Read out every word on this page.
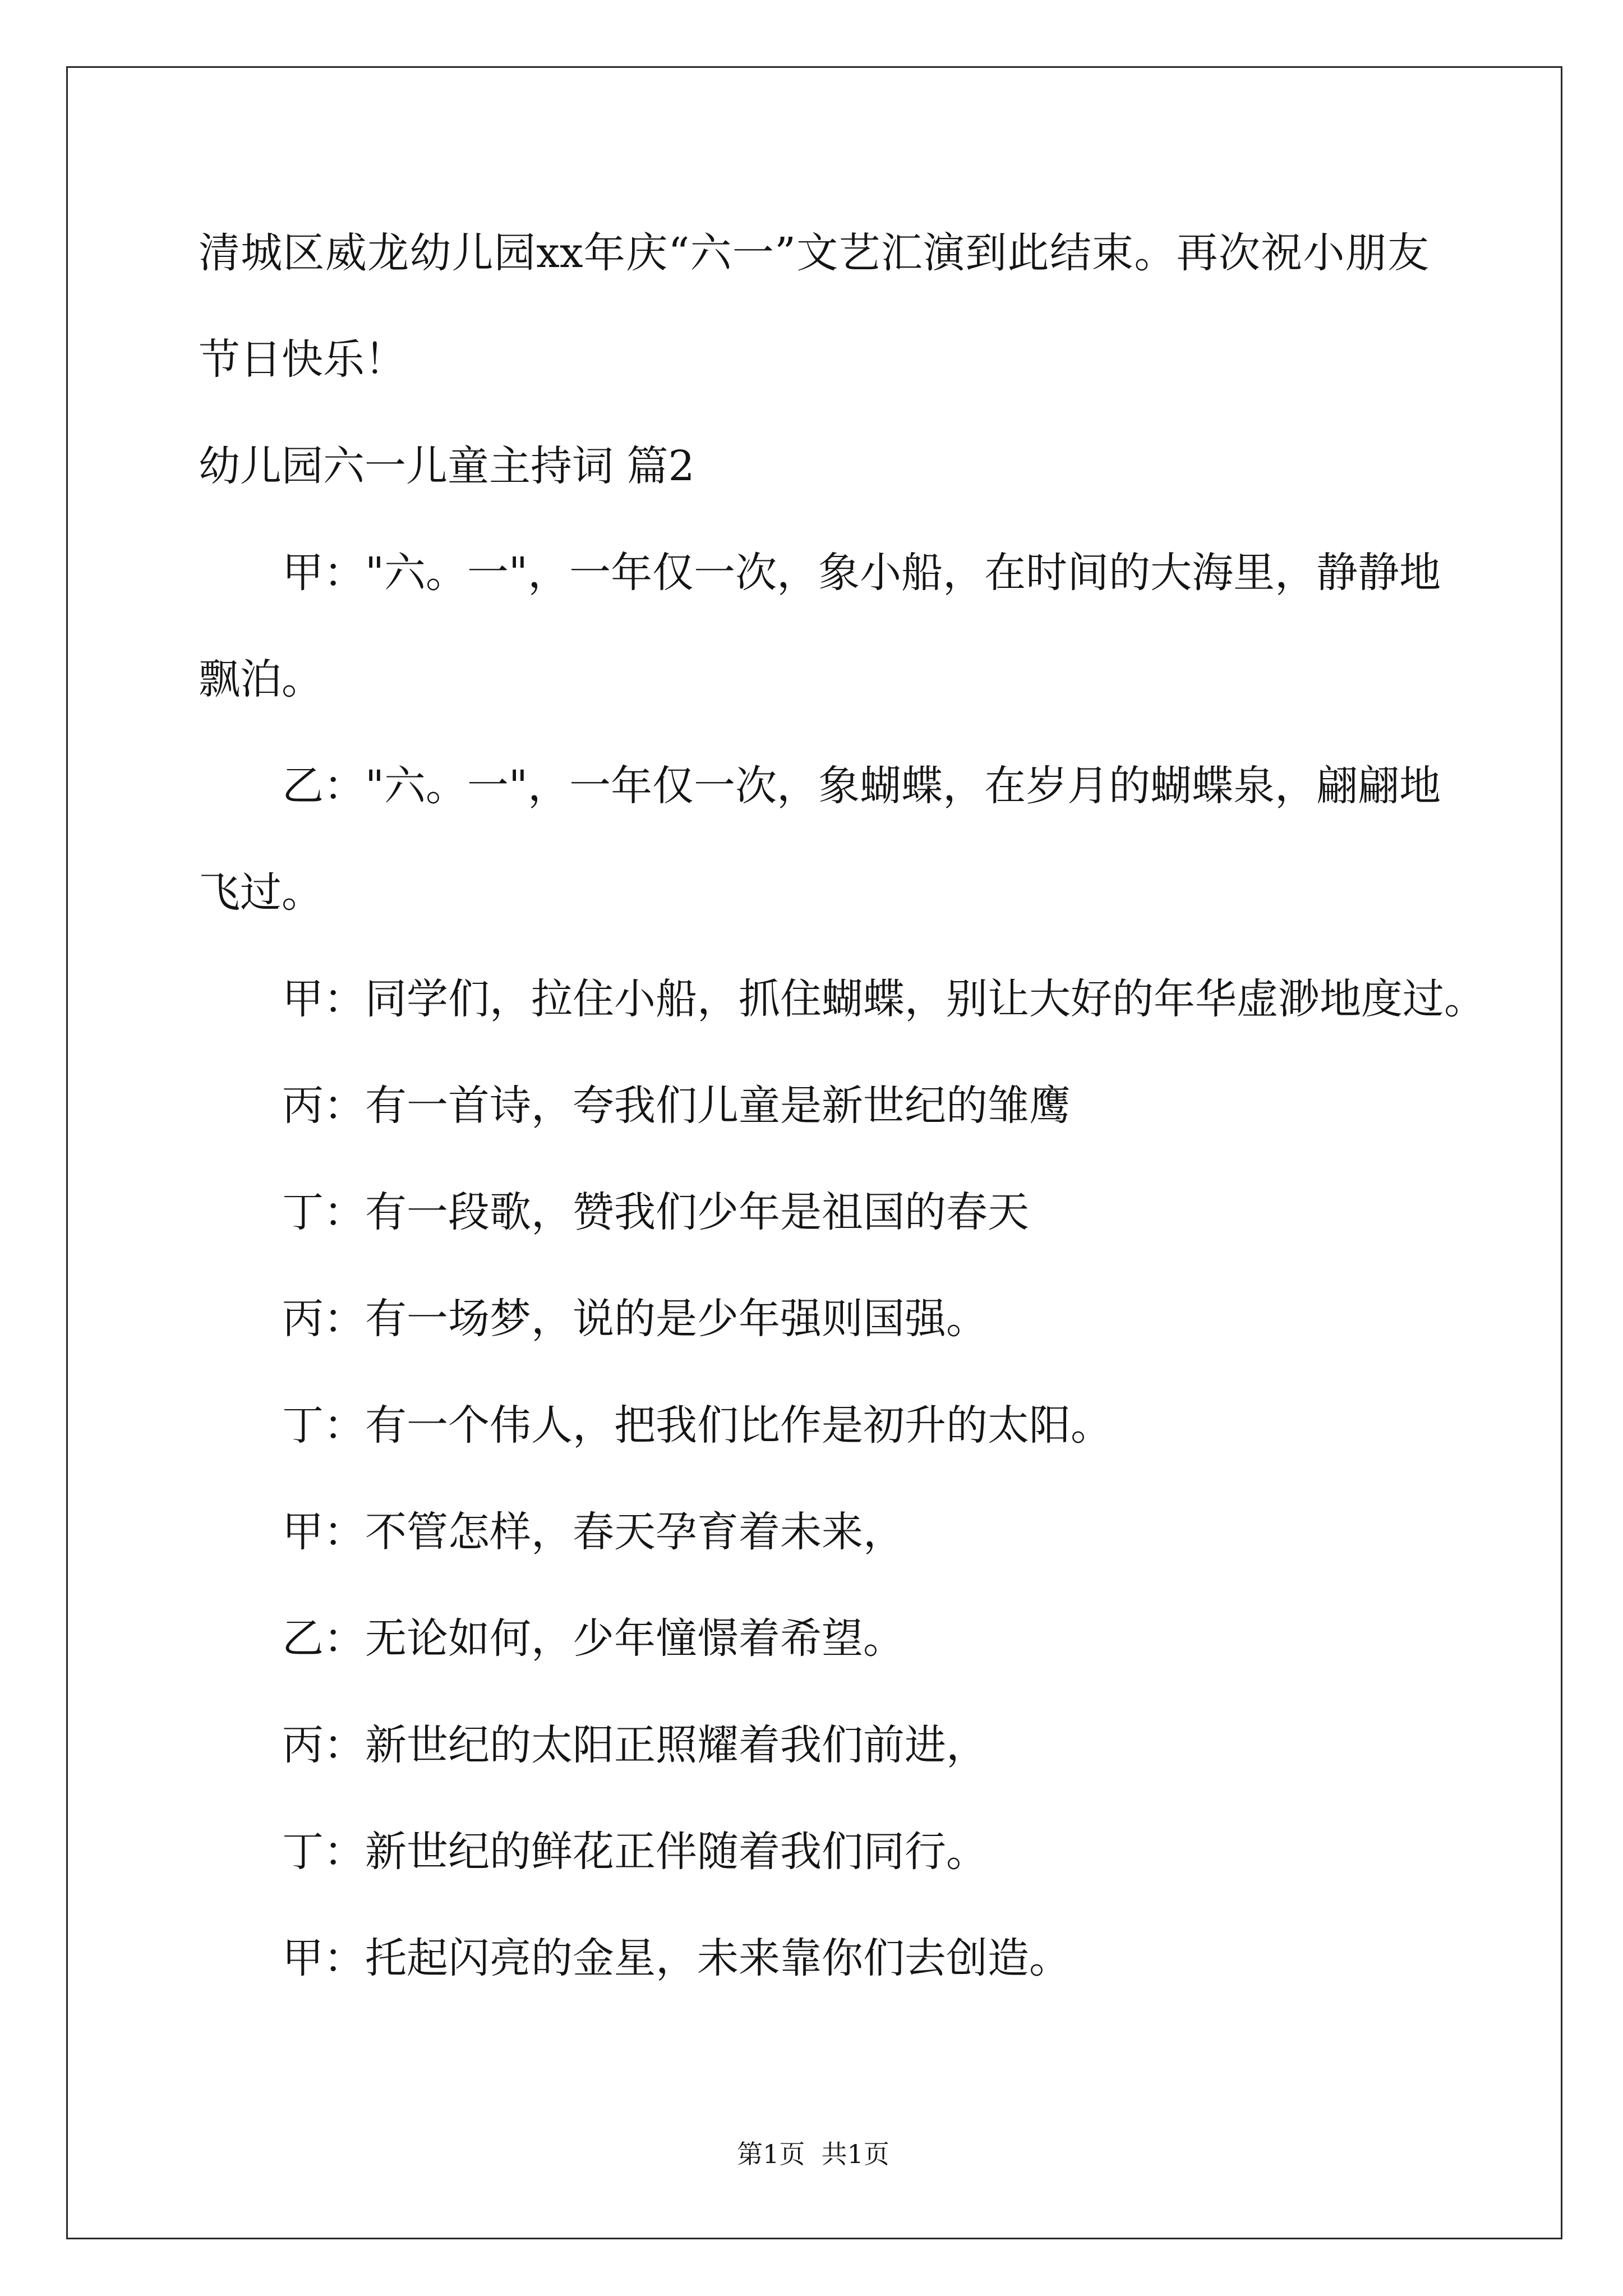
清城区威龙幼儿园xx年庆“六一”文艺汇演到此结束。再次祝小朋友
节日快乐！
幼儿园六一儿童主持词 篇2
甲："六。一"，一年仅一次，象小船，在时间的大海里，静静地
飘泊。
乙："六。一"，一年仅一次，象蝴蝶，在岁月的蝴蝶泉，翩翩地
飞过。
甲：同学们，拉住小船，抓住蝴蝶，别让大好的年华虚渺地度过。
丙：有一首诗，夸我们儿童是新世纪的雏鹰
丁：有一段歌，赞我们少年是祖国的春天
丙：有一场梦，说的是少年强则国强。
丁：有一个伟人，把我们比作是初升的太阳。
甲：不管怎样，春天孕育着未来，
乙：无论如何，少年憧憬着希望。
丙：新世纪的太阳正照耀着我们前进，
丁：新世纪的鲜花正伴随着我们同行。
甲：托起闪亮的金星，未来靠你们去创造。
第1页  共1页
